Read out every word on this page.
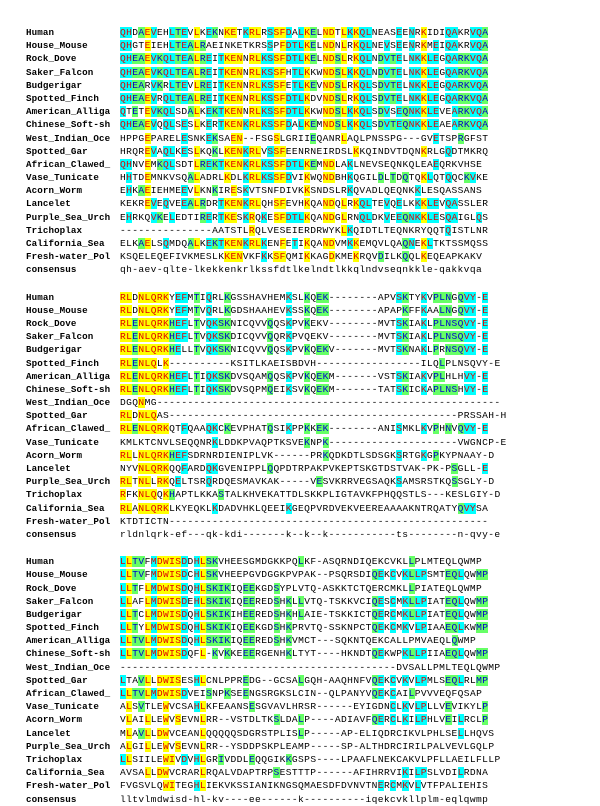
Human	QHDAEVEHLTEVLKEKNKETKRLRSSFDALKELNDTLKKQLNEASEENRKIDIQAKRVQA
House_Mouse	QHGTEIEHLTEALRAEINKETKRSSPFDTLKELNDNLRKQLNEVSEENRKMEIQAKRVQA
Rock_Dove	QHEAEVKQLTEALREITKENNRLKSSFDTLKELNDSLRKQLNDVTELNKKLEGQARKVQA
Saker_Falcon	QHEAEVKQLTEALREITKENNRLKSSFHTLKKWNDSLKKQLNDVTELNKKLEGQARKVQA
Budgerigar	QHEARVKRLTEVLREITKENNRLKSSFETLKEVNDSLRKQLSDVTELNKKLEGQARKVQA
Spotted_Finch	QHEAEVRQLTEALREITKENNRLKSSFDTLKDVNDSLRKQLSDVTELNKKLEGQARKVQA
American_Alliga	QTETEVKQLSDALKEKTKENNRLKSSFDTLKKWNDSLKKQLSDVSEQNKKLEVEARKVQA
Chinese_Soft-sh	QHEAEVQQLSESLKERTKENKRLKSSFDALKEMNDSLKKQLSDVTEQNKKLEAEARKVQA
West_Indian_Oce	HPPGEPARELESNKEKSAEN--FSGSLGRIIEQANRLAQLPNSSPG---GVETSPRGFST
Spotted_Gar	HRQREVAQLKESLKQKLKENKRLVSSFEENRNEIRDSLKKQINDVTDQNKRLGQDTMKRQ
African_Clawed_	QHNVEMKQLSDTLREKTKENKRLKSSFDTLKEMNDLAKLNEVSEQNKQLEAEQRKVHSE
Vase_Tunicate	HHTDEMNKVSQALADRLKDLKRLKSSFDVIKWQNDBHKQGILDLTDQTQKLQTQQCKVKE
Acorn_Worm	EHKAEIEHMEEVLKNKIRESKVTSNFDIVKKSNDSLRKQVADLQEQNKKLESQASSANS
Lancelet	KEKREVEQVEEALRDRTKENKRLQHSFEVHKQANDQLRKQLTEVQELKKKLEVQASSLER
Purple_Sea_Urch	EHRKQVKELEDTIRERTKESKRQKESFDTLKQANDGLRNQLDKVEEQNKKLESQAIGLQS
Trichoplax	---------------AATSTLRQLVESEIERDRWYKLKQIDTLTEQNKRYQQTQISTLNR
California_Sea	ELKAELSQMDQALKEKTKENKRLKENFETIKQANDVMKKEMQVLQAQNEKLTKTSSMQSS
Fresh-water_Pol	KSQELEQEFIVKMESLKKENVKFKKSFQMIKKAGDKMEKRQVDILKQQLKEQEAPKAKV
consensus	qh-aev-qlte-lkekkenkrlkssfdtlkelndtlkkqlndvseqnkkle-qakkvqa
Human	RLDNLQRKYEFMTIQRLKGSSHAVHEMKSLKQEK--------APVSKTYKVPLNGQVY-E
House_Mouse	RLDNLQRKYEFMTVQRLKGDSHAAHEVKSSKQEK--------APAPKFFKAALNGQVY-E
Rock_Dove	RLENLQRKHEFLTVQKSKNICQVVQQSKPVKEKV--------MVTSKIAKLPLNSQVY-E
Saker_Falcon	RLENLQRKHEFLTVQKSKDICQVVQQRKPVQEKV--------MVTSKIAKLPLNSQVY-E
Budgerigar	RLENLQRKHELLTVQKSKNICQVVQQSKPVKQEKV-------MVTSKNAKLPRNSQVY-E
Spotted_Finch	RLENLQLK----------KSITLKAEISBDVH-----------------ILQLPLNSQVY-E
American_Alliga	RLENLQRKHEFLTIQKSKDVSQAMQQSKPVKQEKM-------VSTSKIAKVPLHLHVY-E
Chinese_Soft-sh	RLENLQRKHEFLTIQKSKDVSQPMQEIKSVKQEKM-------TATSKICKAPLNSHVY-E
West_Indian_Oce	DGQNMG--------------------------------------------------------
Spotted_Gar	RLDNLQAS-----------------------------------------------PRSSAH-H
African_Clawed_	RLENLQRKQTFQAAQKCKEVPHATQSIKPPKKEK--------ANISMKLKVPHNVQVY-E
Vase_Tunicate	KMLKTCNVLSEQQNRKLDDKPVAQPTKSVEKNPK---------------------VWGNCP-E
Acorn_Worm	RLLNLQRKHEFSDRNRDIENIPLVK------PRKQDKDTLSDSGKSRTGKGPKYPNAAY-D
Lancelet	NYVNLQRKQQFARDQKGVENIPPLQQPDTRPAKPVKEPTSKGTDSTVAK-PK-PSGLL-E
Purple_Sea_Urch	RLTNLLRKQELTSRQRDQESMAVKAK-----VESVKRRVEGSAQKSAMSRSTKQSSGLY-D
Trichoplax	RFKNLQQKHAPTLKKASTALKHVEKATTDLSKKPLIGTAVKFPHQQSTLS---KESLGIY-D
California_Sea	RLANLQRKLKYEQKLKDADVHKLQEEIKGEQPVRDVEKVEEREAAAAKNTRQATYQVYSA
Fresh-water_Pol	KTDTICTN----------------------------------------------------
consensus	rldnlqrk-ef---qk-kdi-------k--k--k-----------ts--------n-qvy-e
Human	LLTVFMDWISDDHLSKVHEESGMDGKKPQLKF-ASQRNDIQEKCVKLLPLMTEQLQWMP
House_Mouse	LLTVFMDWISDCHLSKVHEEPGVDGGKPVPAK--PSQRSDIQEKCVKLLPSMTEQLQWMP
Rock_Dove	LLTFLMDWISDQHLSKIKIQEEKGDSYPLVTQ-ASKKTCTQERCMKLLPIATEQLQWMP
Saker_Falcon	LLAFLMDWISDEHLSKIKIQEEREDSHKLLVTQ-TSKKVCIQESCMKLLPIATEQLQWMP
Budgerigar	LLTCLMDWISDQHLSKIKIHEEREDSHKHLAIE-TSKKICTQERCMKLLPIATEQLQWMP
Spotted_Finch	LLTYLMDWISDQHLSKIKIQEEKGDSHKPRVTQ-SSKNPCTQEKCMKVLPIAAEQLKWMP
American_Alliga	LLTVLMDWISDQHLSKIKIQEEREDSHKVMCT---SQKNTQEKCALLPMVAEQLQWMP
Chinese_Soft-sh	LLTVLMDWISDQFL-KVKKEEERGENHKLTYT----HKNDTQEKWPKLLPIIAEQLQWMP
West_Indian_Oce	---------------------------------------------DVSALLPMLTEQLQWMP
Spotted_Gar	LTAVLLDWISESHLCNLPPREDG--GCSALGQH-AAQHNFVQEKCVKVLPMLSEQLRLMP
African_Clawed_	LLTVLMDWISDVEISNPKSEENGSRGKSLCIN--QLPANYVQEKCAILPVVVEQFQSAP
Vase_Tunicate	ALSVTLEWVCSAHLKFEAANSESGVAVLHRSR------EYIGDNCLKVLPLLVEVIKYLP
Acorn_Worm	VLAILLEWVSEVNLRR--VSTDLTKSLDALP----ADIAVFQERCLKILPHLVEILRCLP
Lancelet	MLAVLLDWVCEANLQQQQQSDGRSTPLISLP-----AP-ELIQDRCIKVLPHLSELLHQVS
Purple_Sea_Urch	ALGILLEWVSEVNLRR--YSDDPSKPLEAMP-----SP-ALTHDRCIRILPALVEVLGQLP
Trichoplax	LLSIILEWIVDVHLGRIVDDLEQQGIKKGSPS----LPAAFLNEKCAKVLPFLLAEILFLLP
California_Sea	AVSALLDWVCRARLRQALVDAPTRPSESTTTP------AFIHRRVIKILPSLVDILRDNA
Fresh-water_Pol	FVGSVLQWITEGHLIEKVKSSIANIKNGSQMAESDFDVNVTNERCMKVLVTFPALIEHIS
consensus	lltvlmdwisd-hl-kv----ee------k----------iqekcvkllplm-eqlqwmp
